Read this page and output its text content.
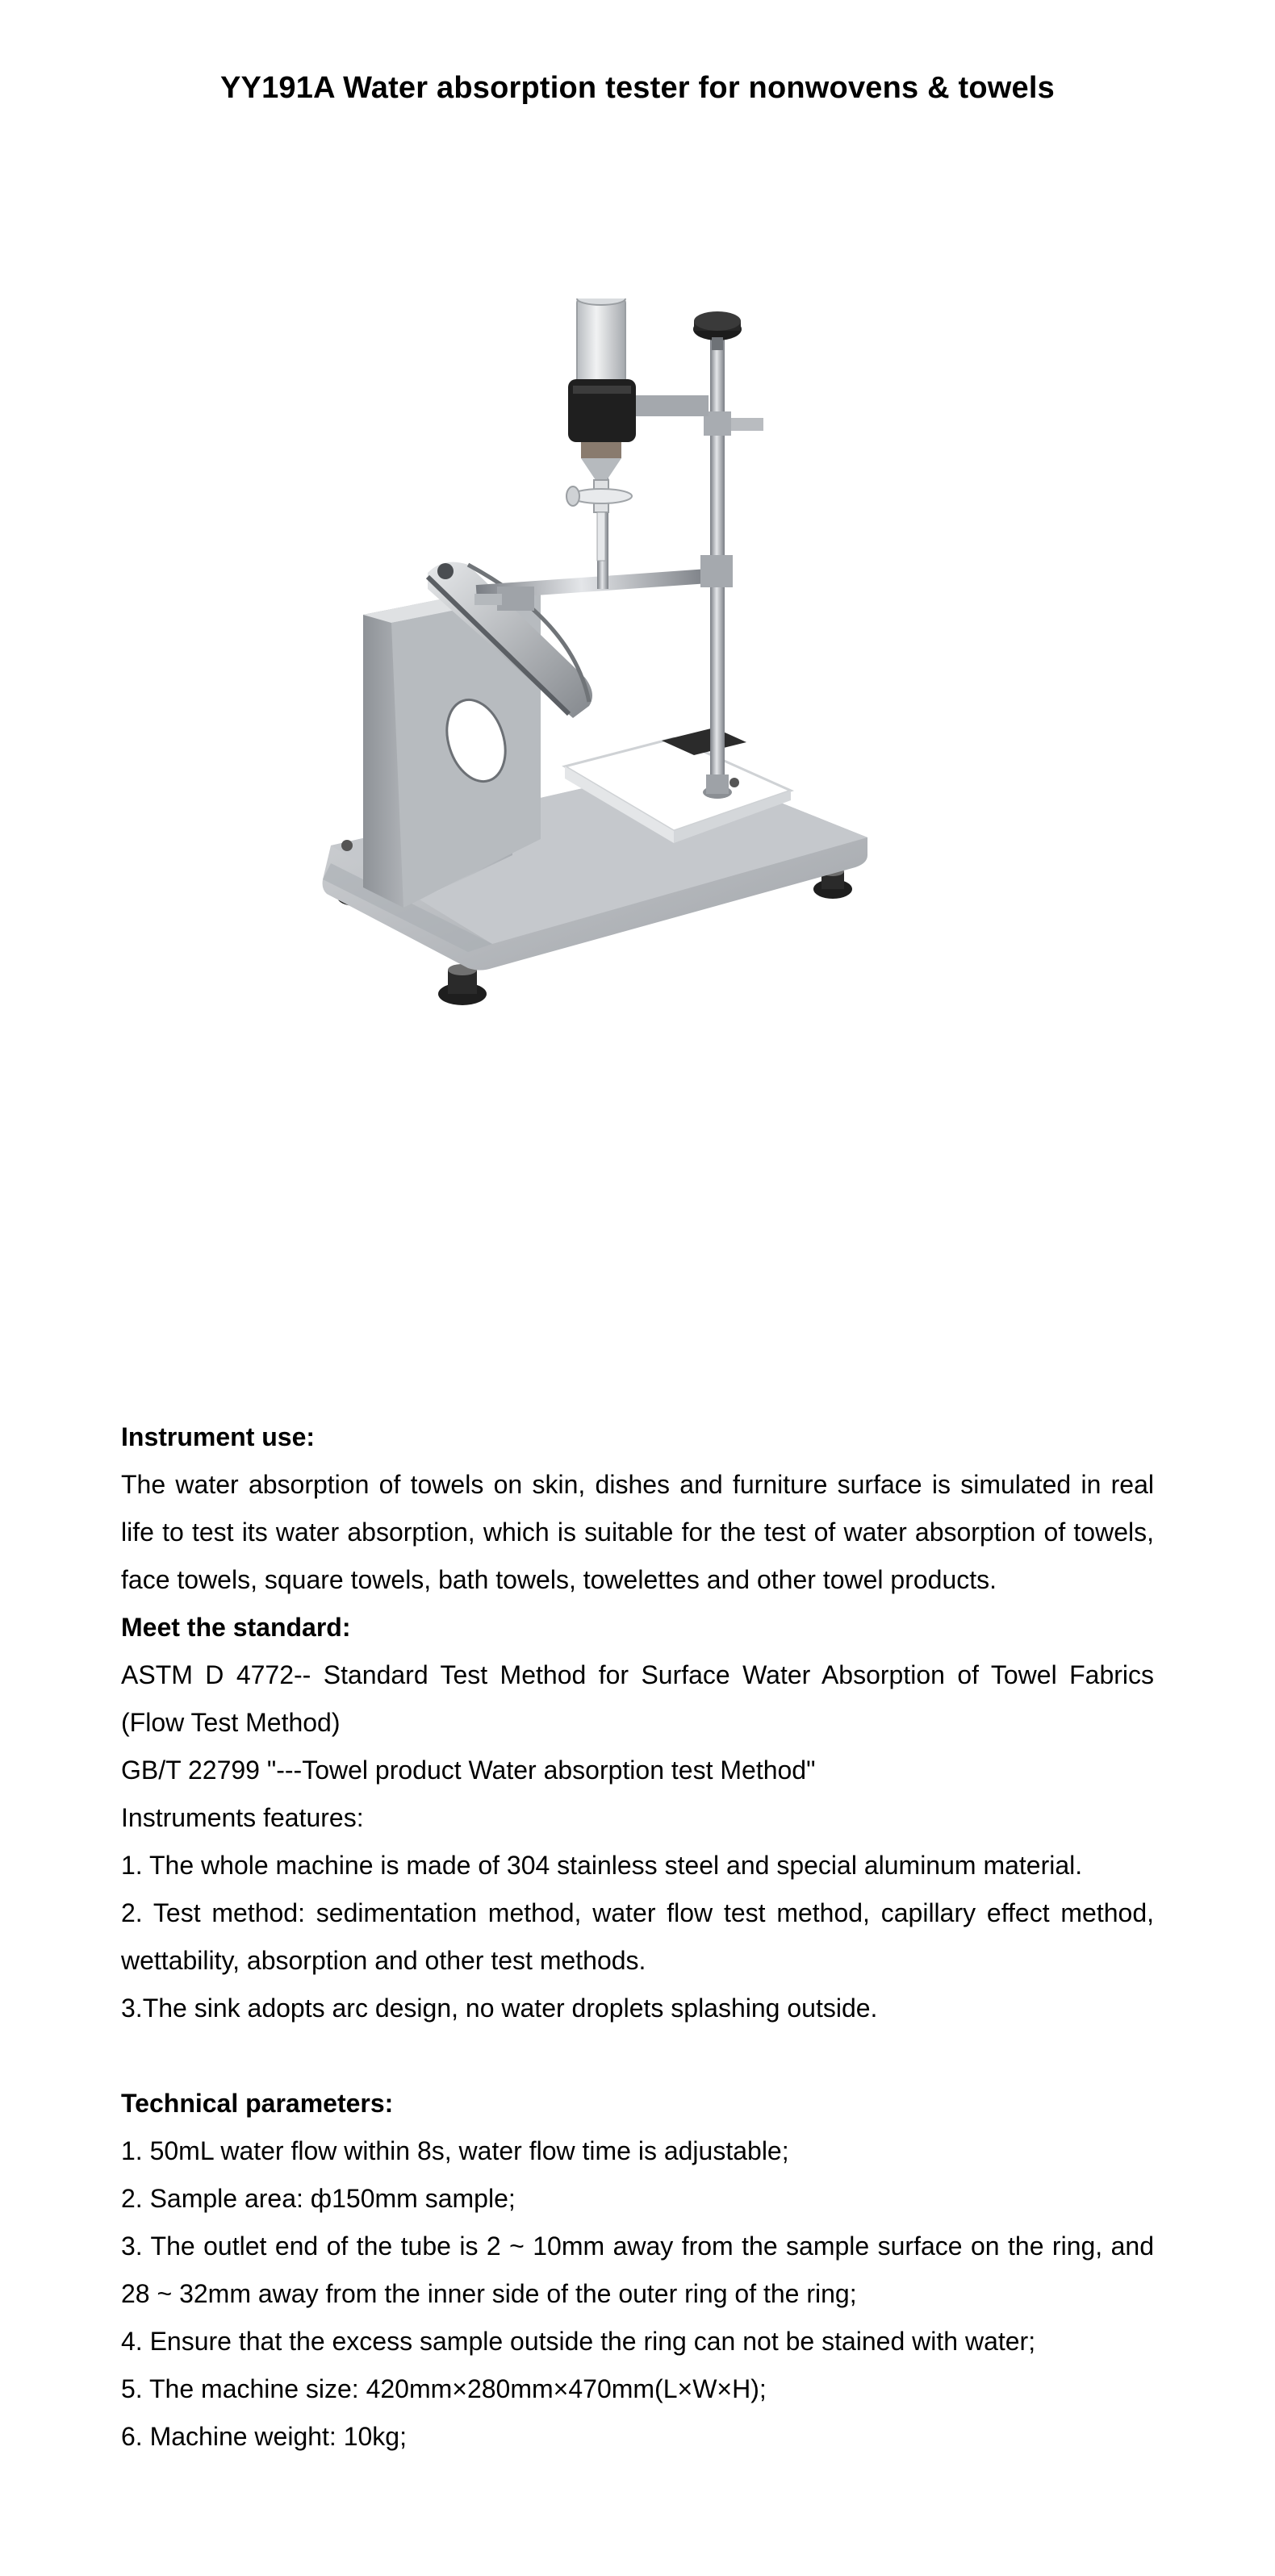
YY191A Water absorption tester for nonwovens & towels

Instrument use:

The water absorption of towels on skin, dishes and furniture surface is simulated in real life to test its water absorption, which is suitable for the test of water absorption of towels, face towels, square towels, bath towels, towelettes and other towel products.

Meet the standard:

ASTM D 4772-- Standard Test Method for Surface Water Absorption of Towel Fabrics (Flow Test Method)

GB/T 22799 "---Towel product Water absorption test Method"

Instruments features:

1. The whole machine is made of 304 stainless steel and special aluminum material.

2. Test method: sedimentation method, water flow test method, capillary effect method, wettability, absorption and other test methods.

3.The sink adopts arc design, no water droplets splashing outside.

Technical parameters:

1. 50mL water flow within 8s, water flow time is adjustable;

2. Sample area: ф150mm sample;

3. The outlet end of the tube is 2 ~ 10mm away from the sample surface on the ring, and 28 ~ 32mm away from the inner side of the outer ring of the ring;

4. Ensure that the excess sample outside the ring can not be stained with water;

5. The machine size: 420mm×280mm×470mm(L×W×H);

6. Machine weight: 10kg;
